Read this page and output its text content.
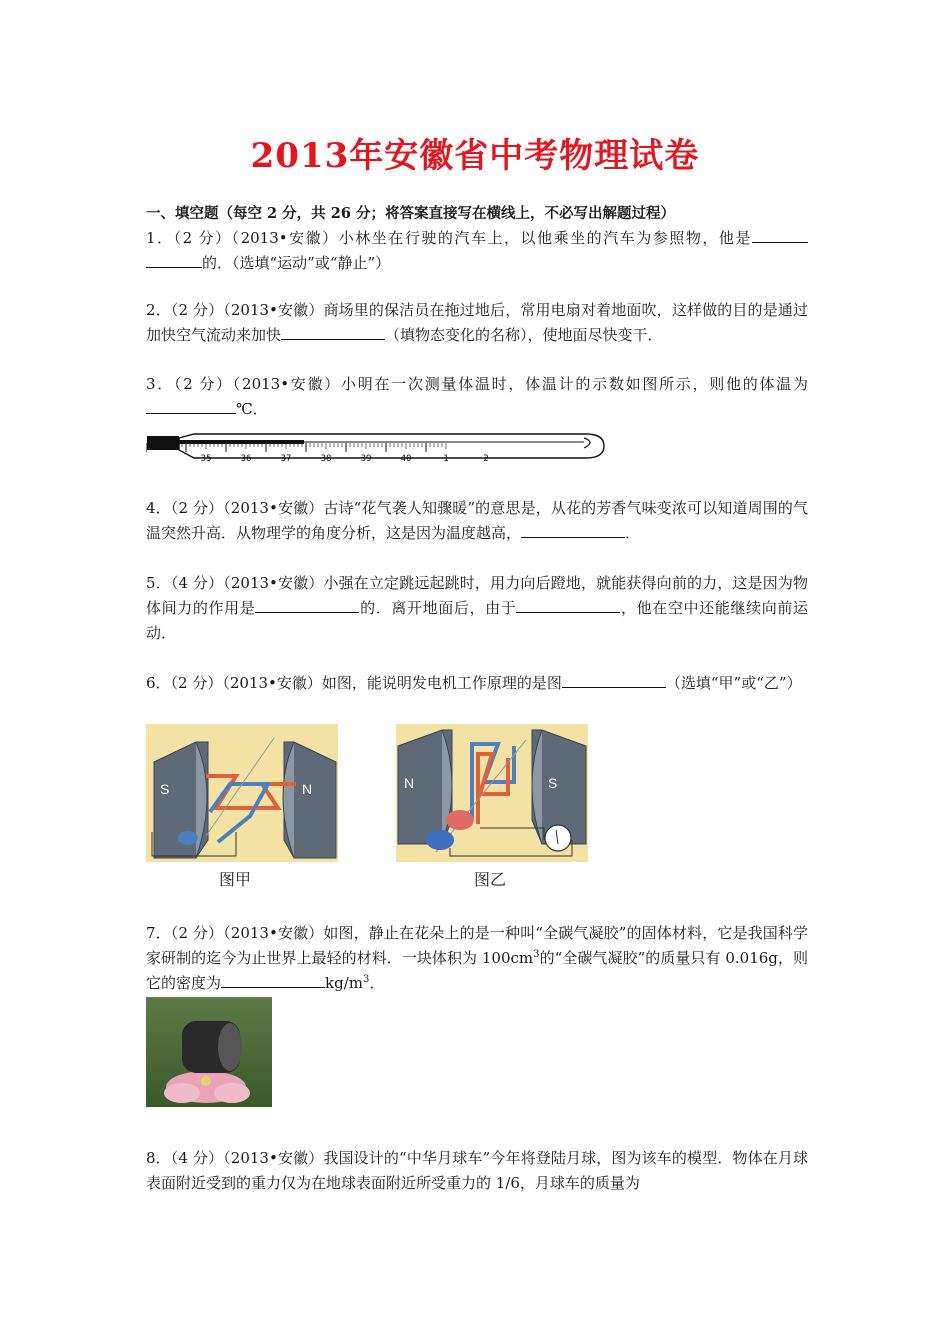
2013年安徽省中考物理试卷
一、填空题（每空 2 分，共 26 分；将答案直接写在横线上，不必写出解题过程）
1．（2 分）（2013•安徽）小林坐在行驶的汽车上，以他乘坐的汽车为参照物，他是的．（选填“运动”或“静止”）
2．（2 分）（2013•安徽）商场里的保洁员在拖过地后，常用电扇对着地面吹，这样做的目的是通过加快空气流动来加快	（填物态变化的名称），使地面尽快变干．
3．（2 分）（2013•安徽）小明在一次测量体温时，体温计的示数如图所示，则他的体温为℃．
35	36	37	38	39	40	1	2
4．（2 分）（2013•安徽）古诗“花气袭人知骤暖”的意思是，从花的芳香气味变浓可以知道周围的气温突然升高．从物理学的角度分析，这是因为温度越高，	．
5．（4 分）（2013•安徽）小强在立定跳远起跳时，用力向后蹬地，就能获得向前的力，这是因为物体间力的作用是	的．离开地面后，由于	，他在空中还能继续向前运动．
6．（2 分）（2013•安徽）如图，能说明发电机工作原理的是图	（选填“甲”或“乙”）
S	N
图甲
N	S
图乙
7．（2 分）（2013•安徽）如图，静止在花朵上的是一种叫“全碳气凝胶”的固体材料，它是我国科学家研制的迄今为止世界上最轻的材料．一块体积为 $100cm^3$的“全碳气凝胶”的质量只有 0.016g，则它的密度为	$kg/m^3$．
8．（4 分）（2013•安徽）我国设计的“中华月球车”今年将登陆月球，图为该车的模型．物体在月球表面附近受到的重力仅为在地球表面附近所受重力的 1/6，月球车的质量为
